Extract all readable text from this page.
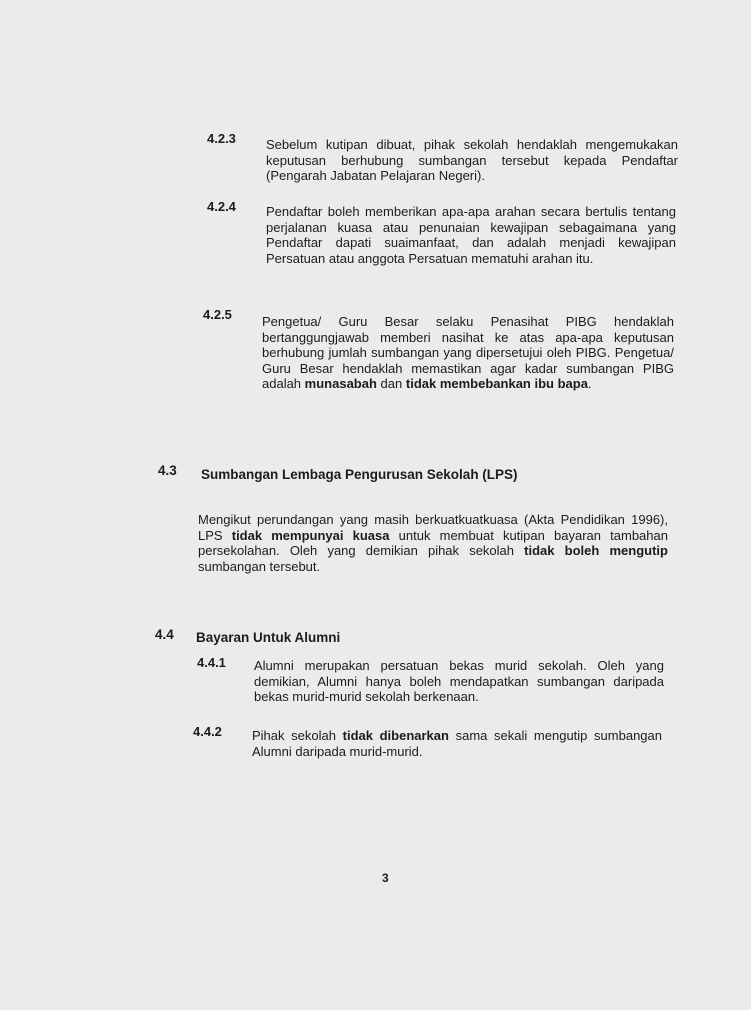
4.2.3 Sebelum kutipan dibuat, pihak sekolah hendaklah mengemukakan keputusan berhubung sumbangan tersebut kepada Pendaftar (Pengarah Jabatan Pelajaran Negeri).
4.2.4 Pendaftar boleh memberikan apa-apa arahan secara bertulis tentang perjalanan kuasa atau penunaian kewajipan sebagaimana yang Pendaftar dapati suaimanfaat, dan adalah menjadi kewajipan Persatuan atau anggota Persatuan mematuhi arahan itu.
4.2.5 Pengetua/ Guru Besar selaku Penasihat PIBG hendaklah bertanggungjawab memberi nasihat ke atas apa-apa keputusan berhubung jumlah sumbangan yang dipersetujui oleh PIBG. Pengetua/ Guru Besar hendaklah memastikan agar kadar sumbangan PIBG adalah munasabah dan tidak membebankan ibu bapa.
4.3 Sumbangan Lembaga Pengurusan Sekolah (LPS)
Mengikut perundangan yang masih berkuatkuatkuasa (Akta Pendidikan 1996), LPS tidak mempunyai kuasa untuk membuat kutipan bayaran tambahan persekolahan. Oleh yang demikian pihak sekolah tidak boleh mengutip sumbangan tersebut.
4.4 Bayaran Untuk Alumni
4.4.1 Alumni merupakan persatuan bekas murid sekolah. Oleh yang demikian, Alumni hanya boleh mendapatkan sumbangan daripada bekas murid-murid sekolah berkenaan.
4.4.2 Pihak sekolah tidak dibenarkan sama sekali mengutip sumbangan Alumni daripada murid-murid.
3
